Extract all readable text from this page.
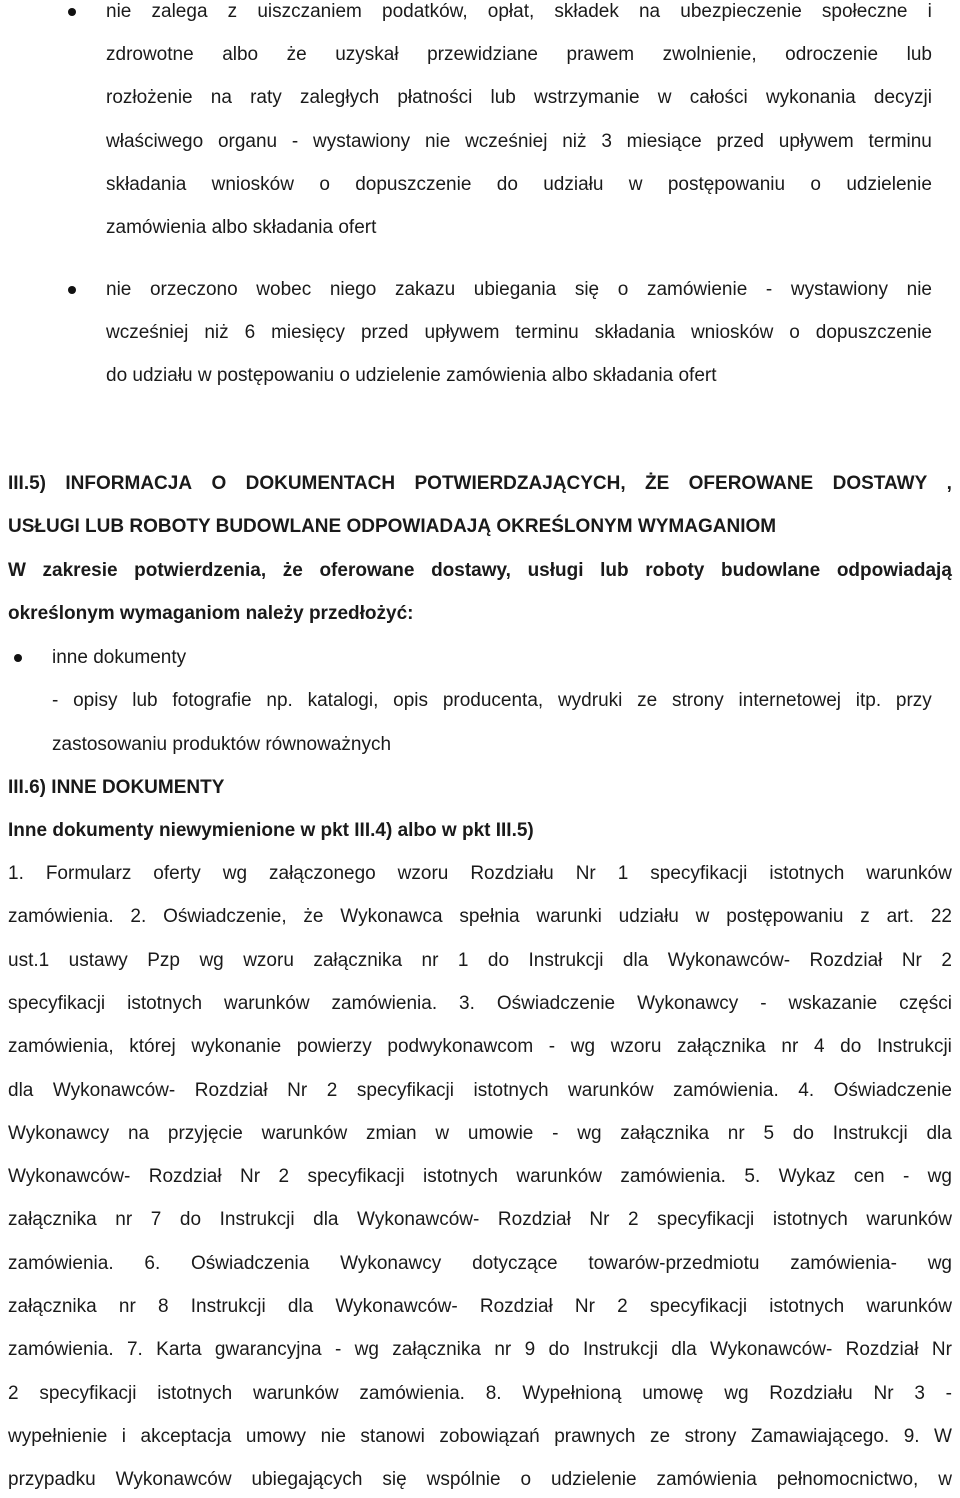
nie zalega z uiszczaniem podatków, opłat, składek na ubezpieczenie społeczne i
zdrowotne albo że uzyskał przewidziane prawem zwolnienie, odroczenie lub
rozłożenie na raty zaległych płatności lub wstrzymanie w całości wykonania decyzji
właściwego organu - wystawiony nie wcześniej niż 3 miesiące przed upływem terminu
składania wniosków o dopuszczenie do udziału w postępowaniu o udzielenie
zamówienia albo składania ofert
nie orzeczono wobec niego zakazu ubiegania się o zamówienie - wystawiony nie
wcześniej niż 6 miesięcy przed upływem terminu składania wniosków o dopuszczenie
do udziału w postępowaniu o udzielenie zamówienia albo składania ofert
III.5) INFORMACJA O DOKUMENTACH POTWIERDZAJĄCYCH, ŻE OFEROWANE DOSTAWY ,
USŁUGI LUB ROBOTY BUDOWLANE ODPOWIADAJĄ OKREŚLONYM WYMAGANIOM
W zakresie potwierdzenia, że oferowane dostawy, usługi lub roboty budowlane odpowiadają
określonym wymaganiom należy przedłożyć:
inne dokumenty
- opisy lub fotografie np. katalogi, opis producenta, wydruki ze strony internetowej itp. przy
zastosowaniu produktów równoważnych
III.6) INNE DOKUMENTY
Inne dokumenty niewymienione w pkt III.4) albo w pkt III.5)
1. Formularz oferty wg załączonego wzoru Rozdziału Nr 1 specyfikacji istotnych warunków
zamówienia. 2. Oświadczenie, że Wykonawca spełnia warunki udziału w postępowaniu z art. 22
ust.1 ustawy Pzp wg wzoru załącznika nr 1 do Instrukcji dla Wykonawców- Rozdział Nr 2
specyfikacji istotnych warunków zamówienia. 3. Oświadczenie Wykonawcy - wskazanie części
zamówienia, której wykonanie powierzy podwykonawcom - wg wzoru załącznika nr 4 do Instrukcji
dla Wykonawców- Rozdział Nr 2 specyfikacji istotnych warunków zamówienia. 4. Oświadczenie
Wykonawcy na przyjęcie warunków zmian w umowie - wg załącznika nr 5 do Instrukcji dla
Wykonawców- Rozdział Nr 2 specyfikacji istotnych warunków zamówienia. 5. Wykaz cen - wg
załącznika nr 7 do Instrukcji dla Wykonawców- Rozdział Nr 2 specyfikacji istotnych warunków
zamówienia. 6. Oświadczenia Wykonawcy dotyczące towarów-przedmiotu zamówienia- wg
załącznika nr 8 Instrukcji dla Wykonawców- Rozdział Nr 2 specyfikacji istotnych warunków
zamówienia. 7. Karta gwarancyjna - wg załącznika nr 9 do Instrukcji dla Wykonawców- Rozdział Nr
2 specyfikacji istotnych warunków zamówienia. 8. Wypełnioną umowę wg Rozdziału Nr 3 -
wypełnienie i akceptacja umowy nie stanowi zobowiązań prawnych ze strony Zamawiającego. 9. W
przypadku Wykonawców ubiegających się wspólnie o udzielenie zamówienia pełnomocnictwo, w
